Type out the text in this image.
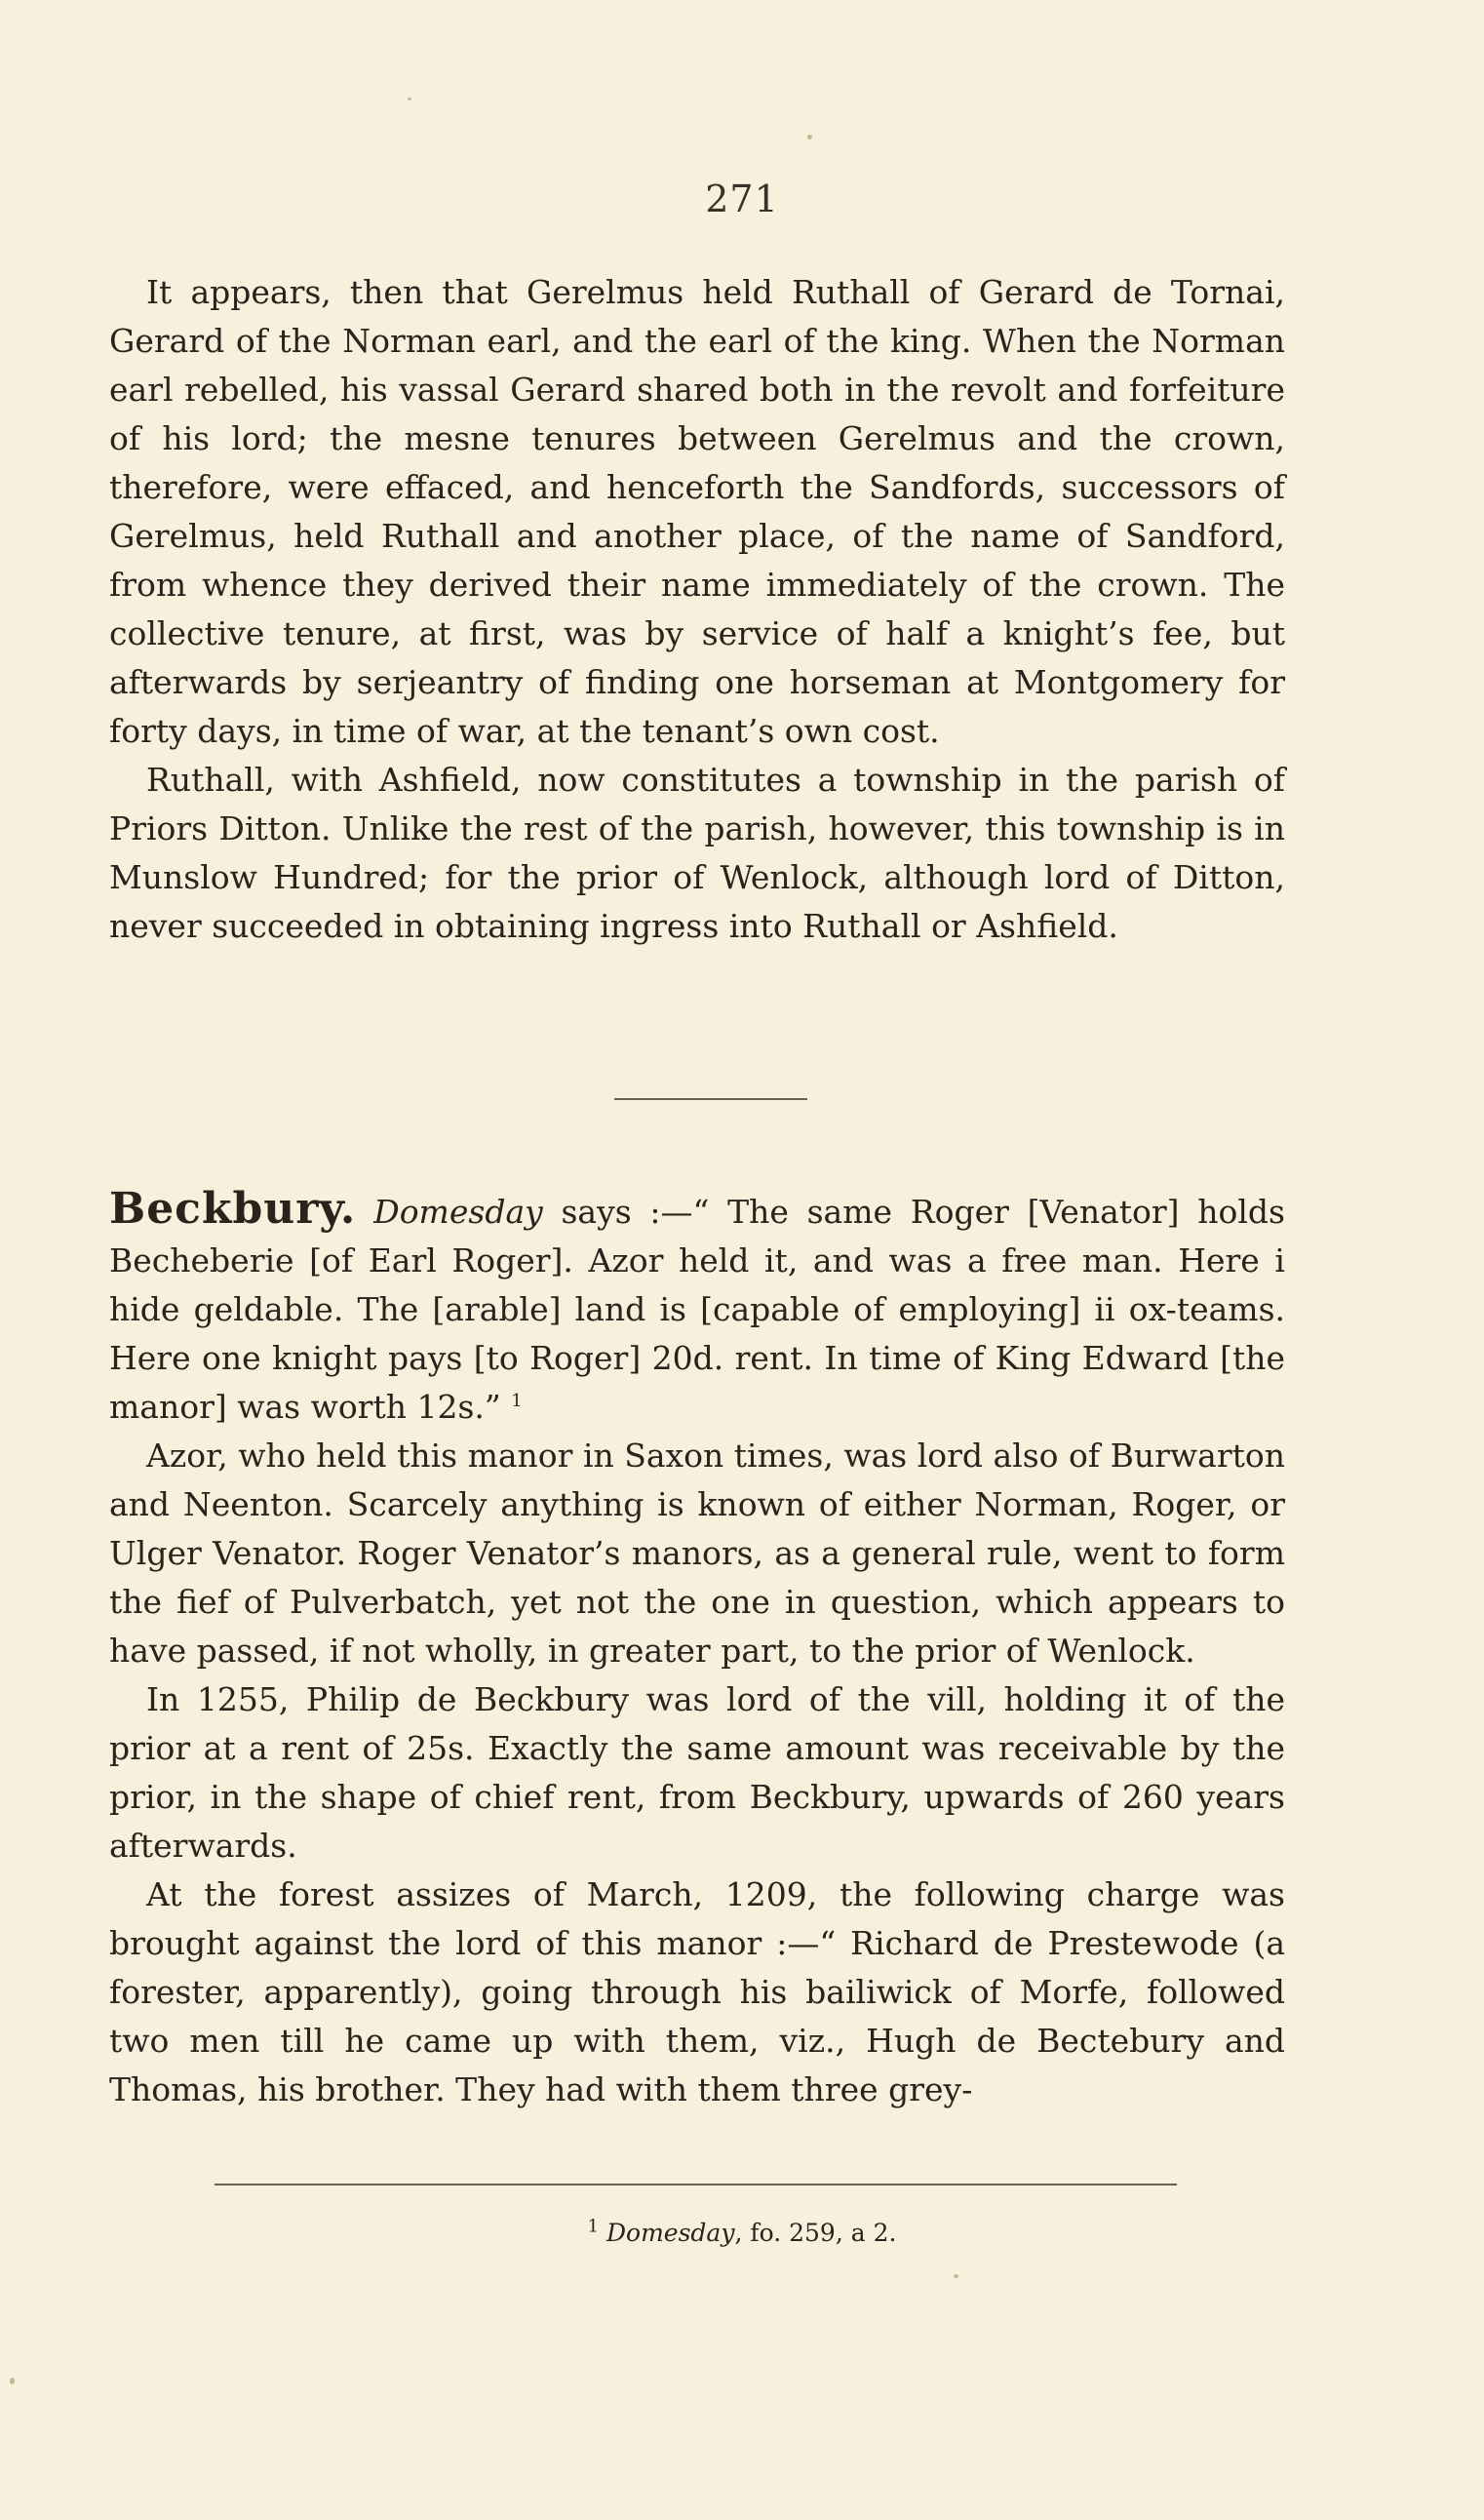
271

It appears, then that Gerelmus held Ruthall of Gerard de Tornai, Gerard of the Norman earl, and the earl of the king. When the Norman earl rebelled, his vassal Gerard shared both in the revolt and forfeiture of his lord; the mesne tenures between Gerelmus and the crown, therefore, were effaced, and henceforth the Sandfords, successors of Gerelmus, held Ruthall and another place, of the name of Sandford, from whence they derived their name immediately of the crown. The collective tenure, at first, was by service of half a knight’s fee, but afterwards by serjeantry of finding one horseman at Montgomery for forty days, in time of war, at the tenant’s own cost.

Ruthall, with Ashfield, now constitutes a township in the parish of Priors Ditton. Unlike the rest of the parish, however, this township is in Munslow Hundred; for the prior of Wenlock, although lord of Ditton, never succeeded in obtaining ingress into Ruthall or Ashfield.

Beckbury. Domesday says :—“ The same Roger [Venator] holds Becheberie [of Earl Roger]. Azor held it, and was a free man. Here i hide geldable. The [arable] land is [capable of employing] ii ox-teams. Here one knight pays [to Roger] 20d. rent. In time of King Edward [the manor] was worth 12s.” $^1$

Azor, who held this manor in Saxon times, was lord also of Burwarton and Neenton. Scarcely anything is known of either Norman, Roger, or Ulger Venator. Roger Venator’s manors, as a general rule, went to form the fief of Pulverbatch, yet not the one in question, which appears to have passed, if not wholly, in greater part, to the prior of Wenlock.

In 1255, Philip de Beckbury was lord of the vill, holding it of the prior at a rent of 25s. Exactly the same amount was receivable by the prior, in the shape of chief rent, from Beckbury, upwards of 260 years afterwards.

At the forest assizes of March, 1209, the following charge was brought against the lord of this manor :—“ Richard de Prestewode (a forester, apparently), going through his bailiwick of Morfe, followed two men till he came up with them, viz., Hugh de Bectebury and Thomas, his brother. They had with them three grey-

$^1$ Domesday, fo. 259, a 2.
